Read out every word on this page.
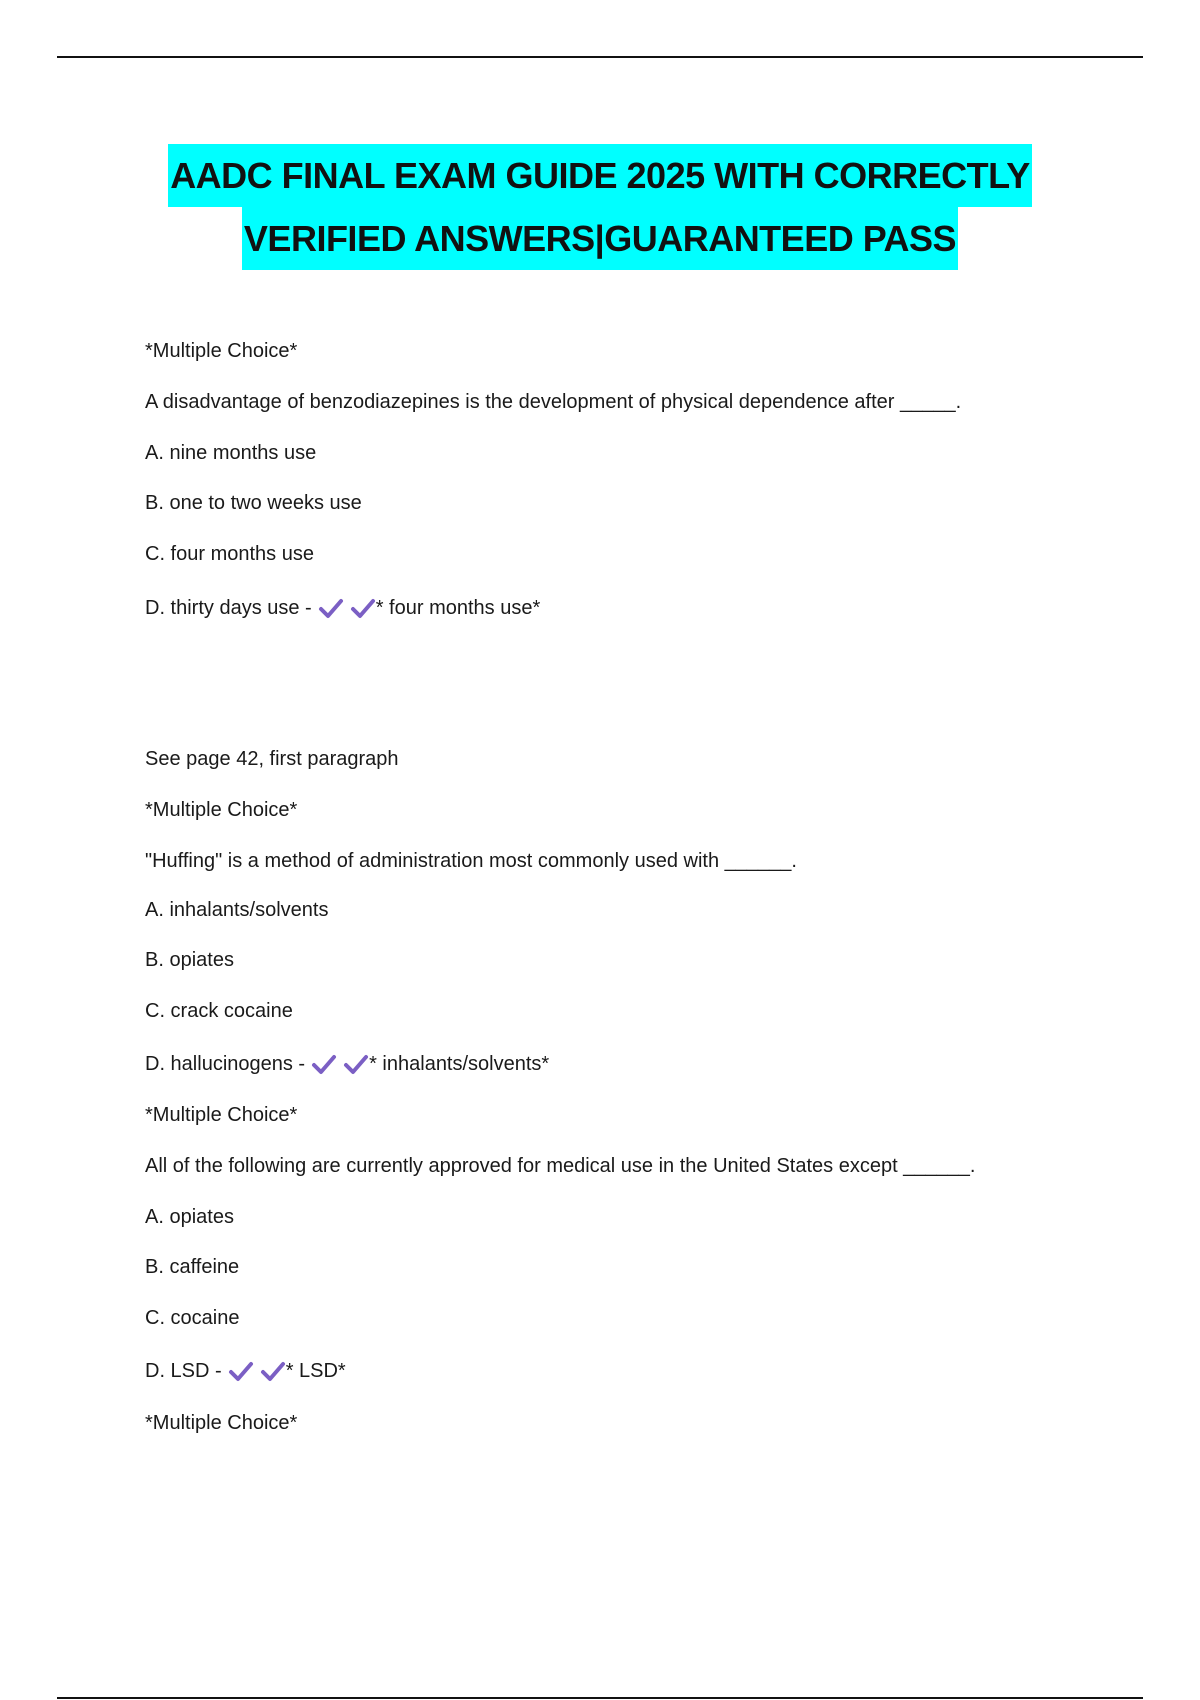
AADC FINAL EXAM GUIDE 2025 WITH CORRECTLY
VERIFIED ANSWERS|GUARANTEED PASS
*Multiple Choice*
A disadvantage of benzodiazepines is the development of physical dependence after _____.
A. nine months use
B. one to two weeks use
C. four months use
D. thirty days use -	* four months use*
See page 42, first paragraph
*Multiple Choice*
"Huffing" is a method of administration most commonly used with ______.
A. inhalants/solvents
B. opiates
C. crack cocaine
D. hallucinogens -	* inhalants/solvents*
*Multiple Choice*
All of the following are currently approved for medical use in the United States except ______.
A. opiates
B. caffeine
C. cocaine
D. LSD -	* LSD*
*Multiple Choice*
